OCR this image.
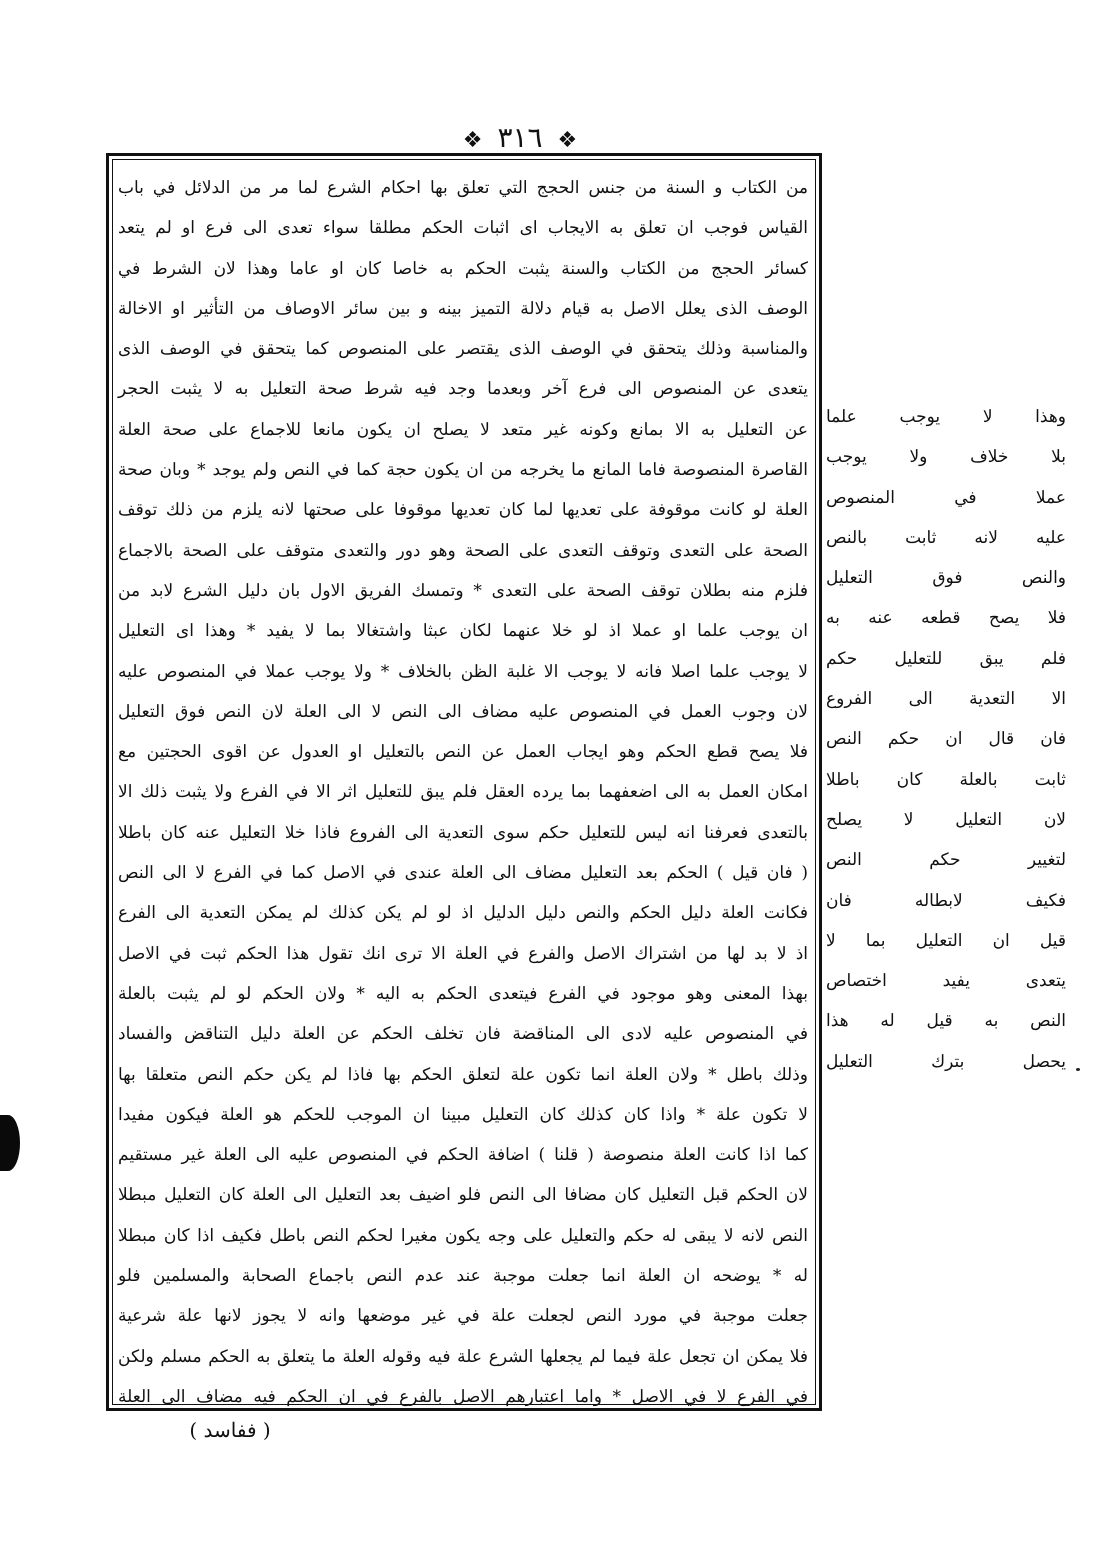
❖ ٣١٦ ❖
من الكتاب و السنة من جنس الحجج التي تعلق بها احكام الشرع لما مر من الدلائل في باب
القياس فوجب ان تعلق به الايجاب اى اثبات الحكم مطلقا سواء تعدى الى فرع او لم يتعد
كسائر الحجج من الكتاب والسنة يثبت الحكم به خاصا كان او عاما وهذا لان الشرط في
الوصف الذى يعلل الاصل به قيام دلالة التميز بينه و بين سائر الاوصاف من التأثير او الاخالة
والمناسبة وذلك يتحقق في الوصف الذى يقتصر على المنصوص كما يتحقق في الوصف الذى
يتعدى عن المنصوص الى فرع آخر وبعدما وجد فيه شرط صحة التعليل به لا يثبت الحجر
عن التعليل به الا بمانع وكونه غير متعد لا يصلح ان يكون مانعا للاجماع على صحة العلة
القاصرة المنصوصة فاما المانع ما يخرجه من ان يكون حجة كما في النص ولم يوجد * وبان صحة
العلة لو كانت موقوفة على تعديها لما كان تعديها موقوفا على صحتها لانه يلزم من ذلك توقف
الصحة على التعدى وتوقف التعدى على الصحة وهو دور والتعدى متوقف على الصحة بالاجماع
فلزم منه بطلان توقف الصحة على التعدى * وتمسك الفريق الاول بان دليل الشرع لابد من
ان يوجب علما او عملا اذ لو خلا عنهما لكان عبثا واشتغالا بما لا يفيد * وهذا اى التعليل
لا يوجب علما اصلا فانه لا يوجب الا غلبة الظن بالخلاف * ولا يوجب عملا في المنصوص عليه
لان وجوب العمل في المنصوص عليه مضاف الى النص لا الى العلة لان النص فوق التعليل
فلا يصح قطع الحكم وهو ايجاب العمل عن النص بالتعليل او العدول عن اقوى الحجتين مع
امكان العمل به الى اضعفهما بما يرده العقل فلم يبق للتعليل اثر الا في الفرع ولا يثبت ذلك الا
بالتعدى فعرفنا انه ليس للتعليل حكم سوى التعدية الى الفروع فاذا خلا التعليل عنه كان باطلا
( فان قيل ) الحكم بعد التعليل مضاف الى العلة عندى في الاصل كما في الفرع لا الى النص
فكانت العلة دليل الحكم والنص دليل الدليل اذ لو لم يكن كذلك لم يمكن التعدية الى الفرع
اذ لا بد لها من اشتراك الاصل والفرع في العلة الا ترى انك تقول هذا الحكم ثبت في الاصل
بهذا المعنى وهو موجود في الفرع فيتعدى الحكم به اليه * ولان الحكم لو لم يثبت بالعلة
في المنصوص عليه لادى الى المناقضة فان تخلف الحكم عن العلة دليل التناقض والفساد
وذلك باطل * ولان العلة انما تكون علة لتعلق الحكم بها فاذا لم يكن حكم النص متعلقا بها
لا تكون علة * واذا كان كذلك كان التعليل مبينا ان الموجب للحكم هو العلة فيكون مفيدا
كما اذا كانت العلة منصوصة ( قلنا ) اضافة الحكم في المنصوص عليه الى العلة غير مستقيم
لان الحكم قبل التعليل كان مضافا الى النص فلو اضيف بعد التعليل الى العلة كان التعليل مبطلا
النص لانه لا يبقى له حكم والتعليل على وجه يكون مغيرا لحكم النص باطل فكيف اذا كان مبطلا
له * يوضحه ان العلة انما جعلت موجبة عند عدم النص باجماع الصحابة والمسلمين فلو
جعلت موجبة في مورد النص لجعلت علة في غير موضعها وانه لا يجوز لانها علة شرعية
فلا يمكن ان تجعل علة فيما لم يجعلها الشرع علة فيه وقوله العلة ما يتعلق به الحكم مسلم ولكن
في الفرع لا في الاصل * واما اعتبارهم الاصل بالفرع في ان الحكم فيه مضاف الى العلة
وهذا لا يوجب علما
بلا خلاف ولا يوجب
عملا في المنصوص
عليه لانه ثابت بالنص
والنص فوق التعليل
فلا يصح قطعه عنه به
فلم يبق للتعليل حكم
الا التعدية الى الفروع
فان قال ان حكم النص
ثابت بالعلة كان باطلا
لان التعليل لا يصلح
لتغيير حكم النص
فكيف لابطاله فان
قيل ان التعليل بما لا
يتعدى يفيد اختصاص
النص به قيل له هذا
يحصل بترك التعليل
( ففاسد )
